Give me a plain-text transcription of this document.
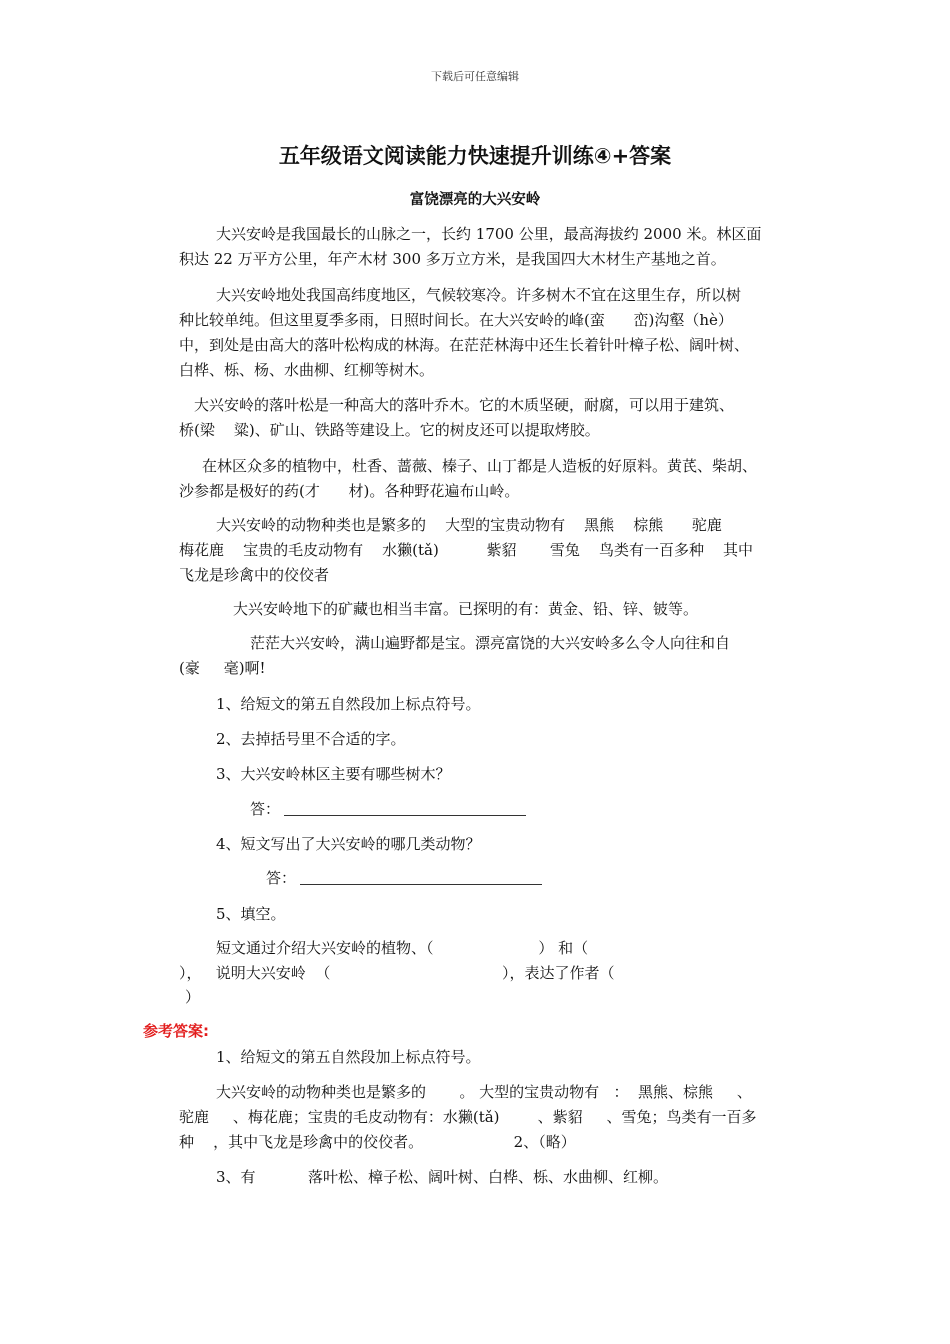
下载后可任意编辑
五年级语文阅读能力快速提升训练④+答案
富饶漂亮的大兴安岭
大兴安岭是我国最长的山脉之一，长约 1700 公里，最高海拔约 2000 米。林区面
积达 22 万平方公里，年产木材 300 多万立方米，是我国四大木材生产基地之首。
大兴安岭地处我国高纬度地区，气候较寒冷。许多树木不宜在这里生存，所以树
种比较单纯。但这里夏季多雨，日照时间长。在大兴安岭的峰(蛮      峦)沟壑（hè）
中，到处是由高大的落叶松构成的林海。在茫茫林海中还生长着针叶樟子松、阔叶树、
白桦、栎、杨、水曲柳、红柳等树木。
大兴安岭的落叶松是一种高大的落叶乔木。它的木质坚硬，耐腐，可以用于建筑、
桥(梁    粱)、矿山、铁路等建设上。它的树皮还可以提取烤胶。
在林区众多的植物中，杜香、蔷薇、榛子、山丁都是人造板的好原料。黄芪、柴胡、
沙参都是极好的药(才      材)。各种野花遍布山岭。
大兴安岭的动物种类也是繁多的    大型的宝贵动物有    黑熊    棕熊      驼鹿
梅花鹿    宝贵的毛皮动物有    水獭(tǎ)          紫貂       雪兔    鸟类有一百多种    其中
飞龙是珍禽中的佼佼者
大兴安岭地下的矿藏也相当丰富。已探明的有：黄金、铅、锌、铍等。
茫茫大兴安岭，满山遍野都是宝。漂亮富饶的大兴安岭多么令人向往和自
(豪     毫)啊!
1、给短文的第五自然段加上标点符号。
2、去掉括号里不合适的字。
3、大兴安岭林区主要有哪些树木？
答：
4、短文写出了大兴安岭的哪几类动物？
答：
5、填空。
短文通过介绍大兴安岭的植物、（                      ） 和（
），   说明大兴安岭  （                                    ），表达了作者（
）
参考答案:
1、给短文的第五自然段加上标点符号。
大兴安岭的动物种类也是繁多的       。 大型的宝贵动物有   ：  黑熊、棕熊     、
驼鹿     、梅花鹿；宝贵的毛皮动物有：水獭(tǎ)        、紫貂     、雪兔；鸟类有一百多
种    ，其中飞龙是珍禽中的佼佼者。                   2、（略）
3、有           落叶松、樟子松、阔叶树、白桦、栎、水曲柳、红柳。
